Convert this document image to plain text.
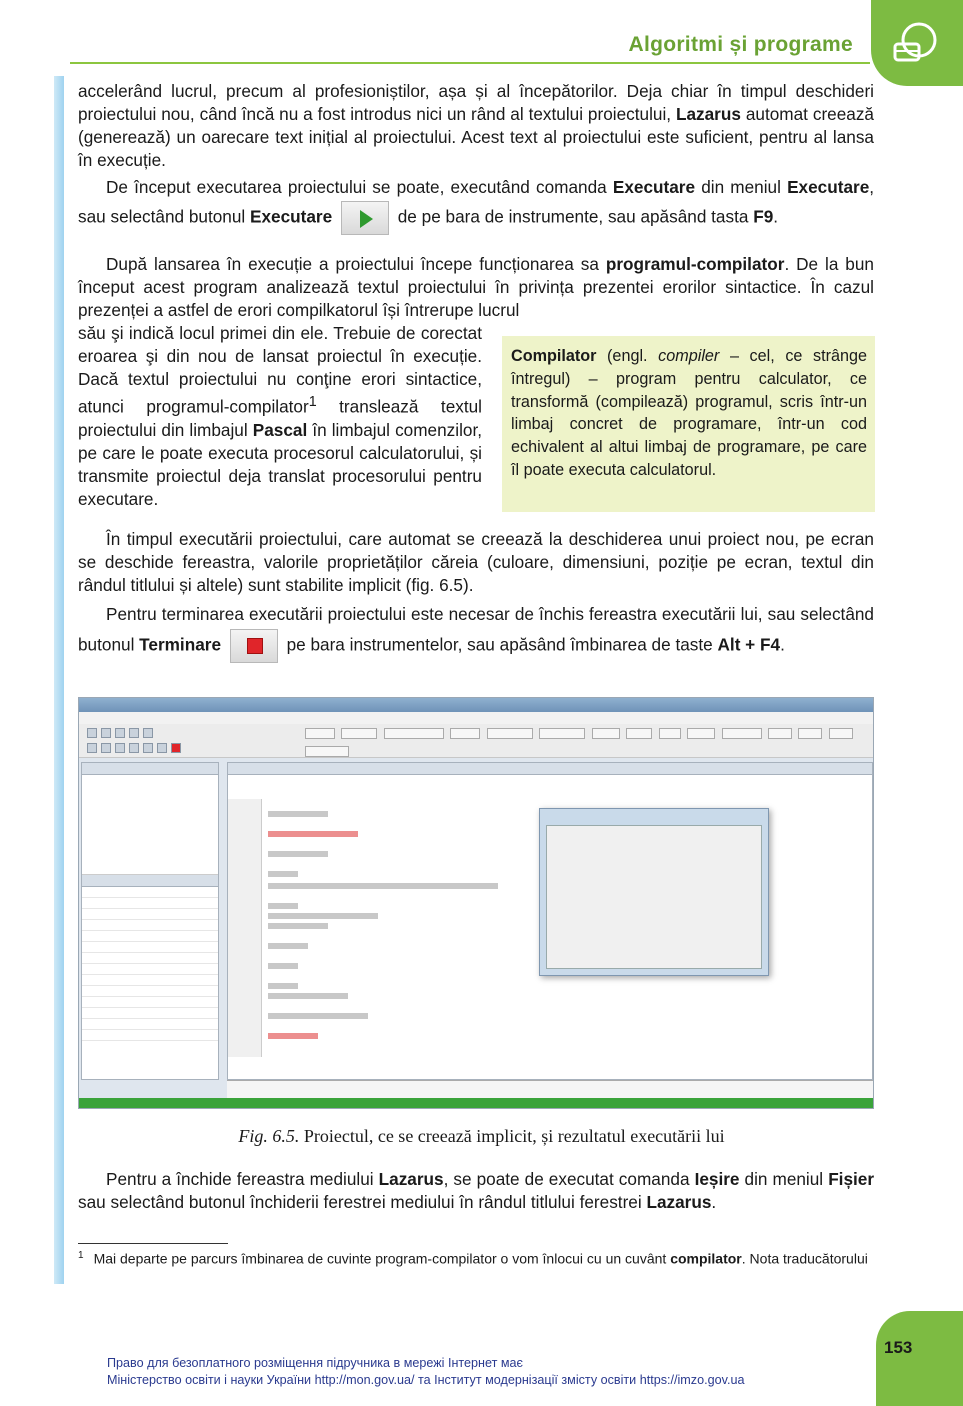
Algoritmi și programe
accelerând lucrul, precum al profesioniștilor, așa și al începătorilor. Deja chiar în timpul deschideri proiectului nou, când încă nu a fost introdus nici un rând al textului proiectului, Lazarus automat creează (generează) un oarecare text inițial al proiectului. Acest text al proiectului este suficient, pentru al lansa în execuție.
De început executarea proiectului se poate, executând comanda Executare din meniul Executare, sau selectând butonul Executare	de pe bara de instrumente, sau apăsând tasta F9.
După lansarea în execuție a proiectului începe funcționarea sa programul-compilator. De la bun început acest program analizează textul proiectului în privința prezentei erorilor sintactice. În cazul prezenței a astfel de erori compilkatorul își întrerupe lucrul
său şi indică locul primei din ele. Trebuie de corectat eroarea şi din nou de lansat proiectul în execuție. Dacă textul proiectului nu conţine erori sintactice, atunci programul-compilator$^1$ translează textul proiectului din limbajul Pascal în limbajul comenzilor, pe care le poate executa procesorul calculatorului, și transmite proiectul deja translat procesorului pentru executare.
Compilator (engl. compiler – cel, ce strânge întregul) – program pentru calculator, ce transformă (compilează) programul, scris într-un limbaj concret de programare, într-un cod echivalent al altui limbaj de programare, pe care îl poate executa calculatorul.
În timpul executării proiectului, care automat se creează la deschiderea unui proiect nou, pe ecran se deschide fereastra, valorile proprietăților căreia (culoare, dimensiuni, poziție pe ecran, textul din rândul titlului și altele) sunt stabilite implicit (fig. 6.5).
Pentru terminarea executării proiectului este necesar de închis fereastra executării lui, sau selectând butonul Terminare	pe bara instrumentelor, sau apăsând îmbinarea de taste Alt + F4.

Fig. 6.5. Proiectul, ce se creează implicit, și rezultatul executării lui
Pentru a închide fereastra mediului Lazarus, se poate de executat comanda Ieșire din meniul Fișier sau selectând butonul închiderii ferestrei mediului în rândul titlului ferestrei Lazarus.
$^1$ Mai departe pe parcurs îmbinarea de cuvinte program-compilator o vom înlocui cu un cuvânt compilator. Nota traducătorului
153
Право для безоплатного розміщення підручника в мережі Інтернет має
Міністерство освіти і науки України http://mon.gov.ua/ та Інститут модернізації змісту освіти https://imzo.gov.ua
